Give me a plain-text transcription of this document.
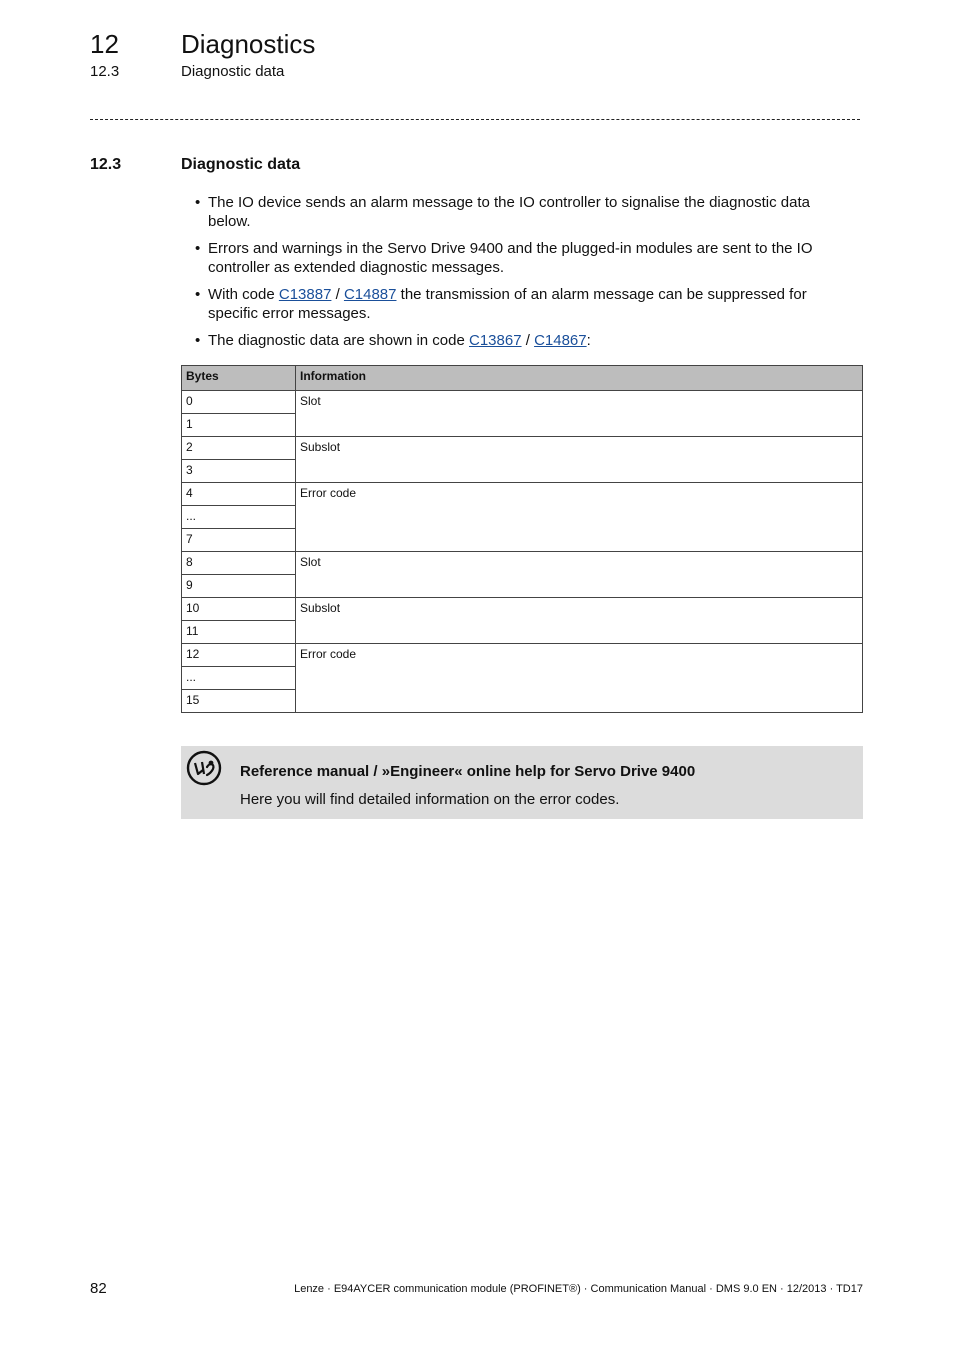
12 Diagnostics
12.3	Diagnostic data
12.3	Diagnostic data
• The IO device sends an alarm message to the IO controller to signalise the diagnostic data below.
• Errors and warnings in the Servo Drive 9400 and the plugged-in modules are sent to the IO controller as extended diagnostic messages.
• With code C13887 / C14887 the transmission of an alarm message can be suppressed for specific error messages.
• The diagnostic data are shown in code C13867 / C14867:
Bytes	Information
0	Slot
1	
2	Subslot
3	
4	Error code
...	
7	
8	Slot
9	
10	Subslot
11	
12	Error code
...	
15	
Reference manual / »Engineer« online help for Servo Drive 9400
Here you will find detailed information on the error codes.
82	Lenze · E94AYCER communication module (PROFINET®) · Communication Manual · DMS 9.0 EN · 12/2013 · TD17
